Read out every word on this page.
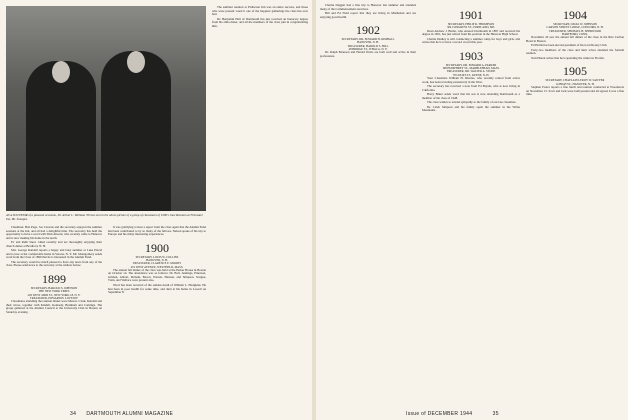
AS A SOUVENIR of a pleasant occasion, Dr. Arthur L. Wellman '00 has sent in the above picture of a group of classmates of 1900's June Reunion at Fishwater Inn, Mt. Sunapee.

Chauffeur. Bob Page, Joe Carsons and the secretary enjoyed the summer sessions at the Inn, and all had a delightful time. The secretary has held the opportunity to have a word with Dick Ahearn, who recently came to Hanover and is now making his home in the north.

Ev and Ruth Snow called recently and are thoroughly enjoying their church duties at Bradford, N. H.

Mrs. George Randall reports a happy and busy summer at Lake Placid and is now at her comfortable home in Verona, N. Y. Mr. Montgomery sends word from the Class of 1899 that he is interested in the Alumni Fund.

The secretary would be much pleased to have any news from any of the class. Please send news to the secretary at the address below.

1899
SECRETARY, HAROLD S. JOHNSON
THE NEW YORK TIMES
229 WEST 43RD ST., NEW YORK 18, N. Y.
TREASURER, EDWARD H. LOVEJOY

Classmates attending the reunion dinner were Messrs. Clark, Kendall and their wives, together with Kindall, Kennedy, Burnham and Comings. The group gathered at the Alumni Council at the University Club in Boston on Saturday evening.

It was gratifying to hear a report from the class agent that the Alumni Fund had been contributed to by so many of the fellows. Nelson spoke of his trip to Europe and his many interesting experiences.

1900
SECRETARY, LOUIS W. COLLINS
HANOVER, N. H.
TREASURER, CLARENCE E. MOODY
201 WEST AVENUE, WESTFIELD, MASS.

The annual fall dinner of the class was held at the Parker House in Boston on October 14. The attendance was as follows: Dr. Ball, Jennings, Emerson, Gilman, Abbott, Putnam, Bacon, Warren, Hanson, and Simpson. Tongue, Train, and Wallace were present also.

Word has been received of the sudden death of William L. Hodgkins. He had been in poor health for some time, and died at his home in Lowell on September 8.

The summer reunion at Fishwater Inn was an entire success, and those who were present voted it one of the happiest gatherings the class has ever had.

Dr. Benjamin Hall of Dartmouth has just received an honorary degree from his alma mater, and all the members of the class join in congratulating him.

34 DARTMOUTH ALUMNI MAGAZINE

Charlie Daggett had a fine trip to Hanover last summer and attended many of the Commencement exercises.

Bill and Ed Field report that they are living in Manhattan and are enjoying good health.

1902
SECRETARY, DR. EDWARD H. KIMBALL
HANOVER, N. H.
TREASURER, HAROLD S. HILL
48 BRIDGE ST., ITHACA, N. Y.

Dr. Ralph Emerson and Harold Davis are both well and active in their professions.

1901
SECRETARY, PHILIP R. THOMPSON
304 CONGRESS ST., PORTLAND, ME.

Dean Andrew J. Butler, who entered Dartmouth in 1897 and received his degree in 1901, has just retired from his position in the Hanover High School.

Charlie Dudley is still conducting a summer camp for boys and girls, and writes that he is to have a record crowd this year.

1903
SECRETARY, DR. EDWARD A. PARKER
198 HUMPHREY ST., MARBLEHEAD, MASS.
TREASURER, DR. WALTER A. STONE
78 COURT ST., KEENE, N. H.

Your Classmate William H. Rhodes, who recently retired from active work, has been traveling extensively in the West.

The secretary has received a note from Ed Bryant, who is now living in California.

Harry Baker sends word that his son is now attending Dartmouth as a member of the class of 1948.

The class wishes to extend sympathy to the family of our late classmate.

Dr. Caleb Simpson and his family spent the summer in the White Mountains.

1904
SECRETARY, OZIAS W. JOHNSON
CARSON STREET LODGE, CONCORD, N. H.
TREASURER, SHUBAEL H. SHERWOOD
HARTFORD, CONN.

November 20 saw the annual fall dinner of the class in the Ritz Carlton Hotel in Boston.

Ed Hollis has been elected president of his local Rotary Club.

Forty-two members of the class and their wives attended the fortieth reunion.

Tom Hazen writes that he is spending the winter in Florida.

1905
SECRETARY, CHAPLAIN LEROY W. SAWYER
14 HIGH ST., HANOVER, N. H.

Stephen Foster reports a fine lunch and reunion conducted at Woodstock on November 15. Scott and Jack were both present and all agreed it was a fine time.

Issue of DECEMBER 1944	35
